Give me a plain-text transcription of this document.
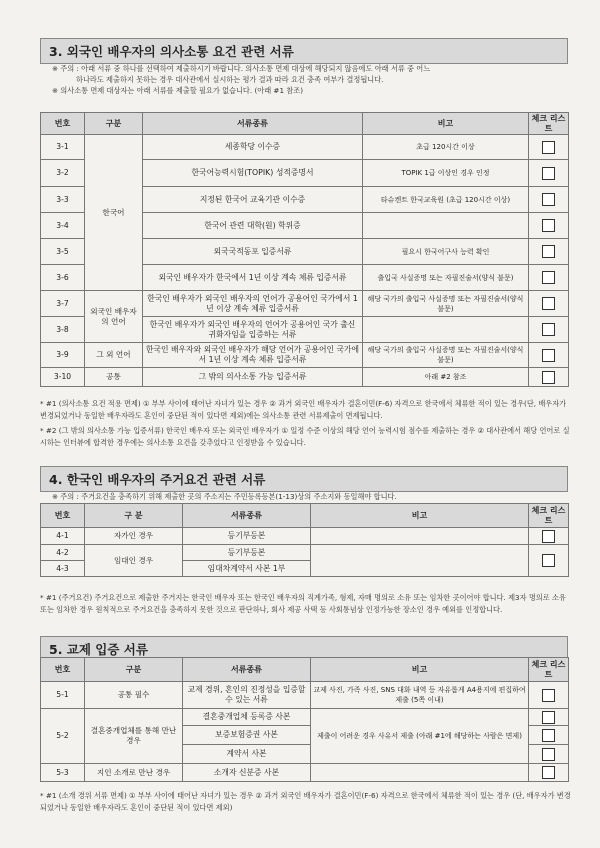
3. 외국인 배우자의 의사소통 요건 관련 서류
※ 주의 : 아래 서류 중 하나를 선택하여 제출하시기 바랍니다. 의사소통 면제 대상에 해당되지 않음에도 아래 서류 중 어느
하나라도 제출하지 못하는 경우 대사관에서 실시하는 평가 결과 따라 요건 충족 여부가 결정됩니다.
※ 의사소통 면제 대상자는 아래 서류를 제출할 필요가 없습니다. (아래 #1 참조)
번호	구분	서류종류	비고	체크 리스트
3-1	한국어	세종학당 이수증	초급 120시간 이상	
3-2		한국어능력시험(TOPIK) 성적증명서	TOPIK 1급 이상인 경우 인정	
3-3		지정된 한국어 교육기관 이수증	타슈켄트 한국교육원 (초급 120시간 이상)	
3-4		한국어 관련 대학(원) 학위증		
3-5		외국국적동포 입증서류	필요시 한국어구사 능력 확인	
3-6		외국인 배우자가 한국에서 1년 이상 계속 체류 입증서류	출입국 사실증명 또는 자필진술서(양식 불문)	
3-7	외국인 배우자의 언어	한국인 배우자가 외국인 배우자의 언어가 공용어인 국가에서 1년 이상 계속 체류 입증서류	해당 국가의 출입국 사실증명 또는 자필진술서(양식 불문)	
3-8		한국인 배우자가 외국인 배우자의 언어가 공용어인 국가 출신 귀화자임을 입증하는 서류		
3-9	그 외 언어	한국인 배우자와 외국인 배우자가 해당 언어가 공용어인 국가에서 1년 이상 계속 체류 입증서류	해당 국가의 출입국 사실증명 또는 자필진술서(양식 불문)	
3-10	공통	그 밖의 의사소통 가능 입증서류	아래 #2 참조	
* #1 (의사소통 요건 적용 면제) ① 부부 사이에 태어난 자녀가 있는 경우 ② 과거 외국인 배우자가 결혼이민(F-6) 자격으로 한국에서 체류한 적이 있는 경우(단, 배우자가 변경되었거나 동일한 배우자라도 혼인이 중단된 적이 있다면 제외)에는 의사소통 관련 서류제출이 면제됩니다.
* #2 (그 밖의 의사소통 가능 입증서류) 한국인 배우자 또는 외국인 배우자가 ① 일정 수준 이상의 해당 언어 능력시험 점수를 제출하는 경우 ② 대사관에서 해당 언어로 실시하는 인터뷰에 합격한 경우에는 의사소통 요건을 갖추었다고 인정받을 수 있습니다.
4. 한국인 배우자의 주거요건 관련 서류
※ 주의 : 주거요건을 충족하기 위해 제출한 곳의 주소지는 주민등록등본(1-13)상의 주소지와 동일해야 합니다.
번호	구 분	서류종류	비고	체크 리스트
4-1	자가인 경우	등기부등본		
4-2	임대인 경우	등기부등본		
4-3		임대차계약서 사본 1부		
* #1 (주거요건) 주거요건으로 제출한 주거지는 한국인 배우자 또는 한국인 배우자의 직계가족, 형제, 자매 명의로 소유 또는 임차한 곳이어야 합니다. 제3자 명의로 소유 또는 임차한 경우 원칙적으로 주거요건을 충족하지 못한 것으로 판단하나, 회사 제공 사택 등 사회통념상 인정가능한 장소인 경우 예외를 인정합니다.
5. 교제 입증 서류
번호	구분	서류종류	비고	체크 리스트
5-1	공통 필수	교제 경위, 혼인의 진정성을 입증할 수 있는 서류	교제 사진, 가족 사진, SNS 대화 내역 등 자유롭게 A4용지에 편집하여 제출 (5쪽 이내)	
5-2	결혼중개업체를 통해 만난 경우	결혼중개업체 등록증 사본	제출이 어려운 경우 사유서 제출 (아래 #1에 해당하는 사람은 면제)	
		보증보험증권 사본		
		계약서 사본		
5-3	지인 소개로 만난 경우	소개자 신분증 사본		
* #1 (소개 경위 서류 면제) ① 부부 사이에 태어난 자녀가 있는 경우 ② 과거 외국인 배우자가 결혼이민(F-6) 자격으로 한국에서 체류한 적이 있는 경우 (단, 배우자가 변경되었거나 동일한 배우자라도 혼인이 중단된 적이 있다면 제외)
